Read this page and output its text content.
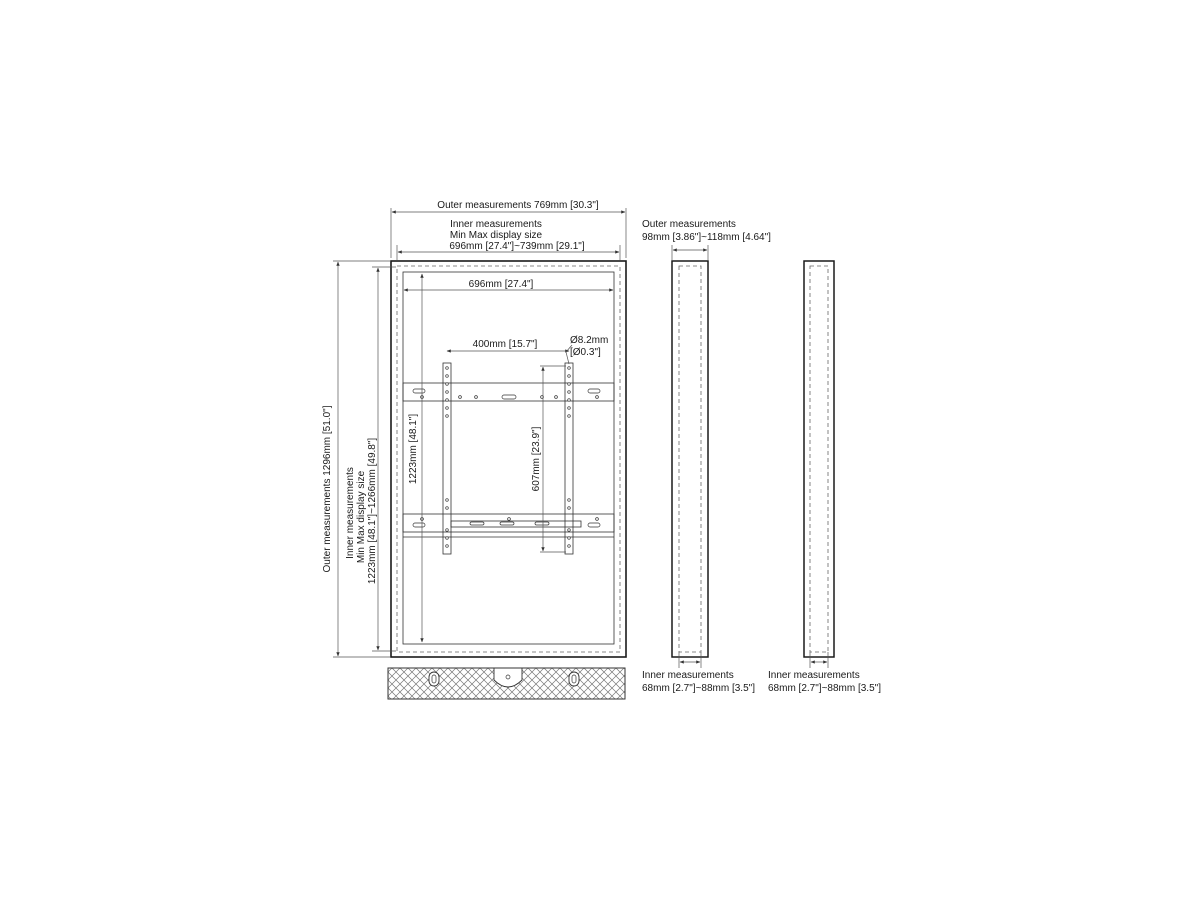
Outer measurements 769mm [30.3"]
Inner measurements
Min Max display size
696mm [27.4"]~739mm [29.1"]
696mm [27.4"]
400mm [15.7"]	Ø8.2mm
[Ø0.3"]
1223mm [48.1"]	607mm [23.9"]
Outer measurements 1296mm [51.0"] Inner measurements Min Max display size 1223mm [48.1"]~1266mm [49.8"]
Outer measurements
98mm [3.86"]~118mm [4.64"]
Inner measurements
68mm [2.7"]~88mm [3.5"]
Inner measurements
68mm [2.7"]~88mm [3.5"]
